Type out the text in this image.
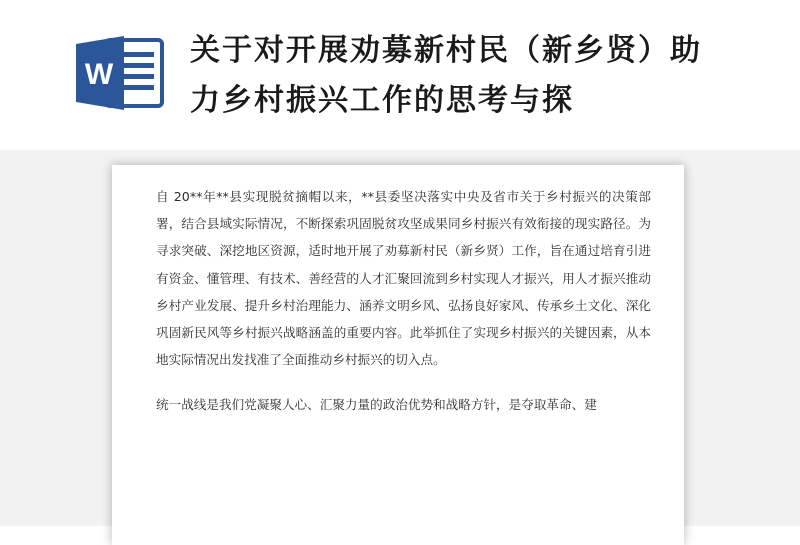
W
关于对开展劝募新村民（新乡贤）助力乡村振兴工作的思考与探

自 20**年**县实现脱贫摘帽以来，**县委坚决落实中央及省市关于乡村振兴的决策部署，结合县域实际情况，不断探索巩固脱贫攻坚成果同乡村振兴有效衔接的现实路径。为寻求突破、深挖地区资源，适时地开展了劝募新村民（新乡贤）工作，旨在通过培育引进有资金、懂管理、有技术、善经营的人才汇聚回流到乡村实现人才振兴，用人才振兴推动乡村产业发展、提升乡村治理能力、涵养文明乡风、弘扬良好家风、传承乡土文化、深化巩固新民风等乡村振兴战略涵盖的重要内容。此举抓住了实现乡村振兴的关键因素，从本地实际情况出发找准了全面推动乡村振兴的切入点。

统一战线是我们党凝聚人心、汇聚力量的政治优势和战略方针，是夺取革命、建
